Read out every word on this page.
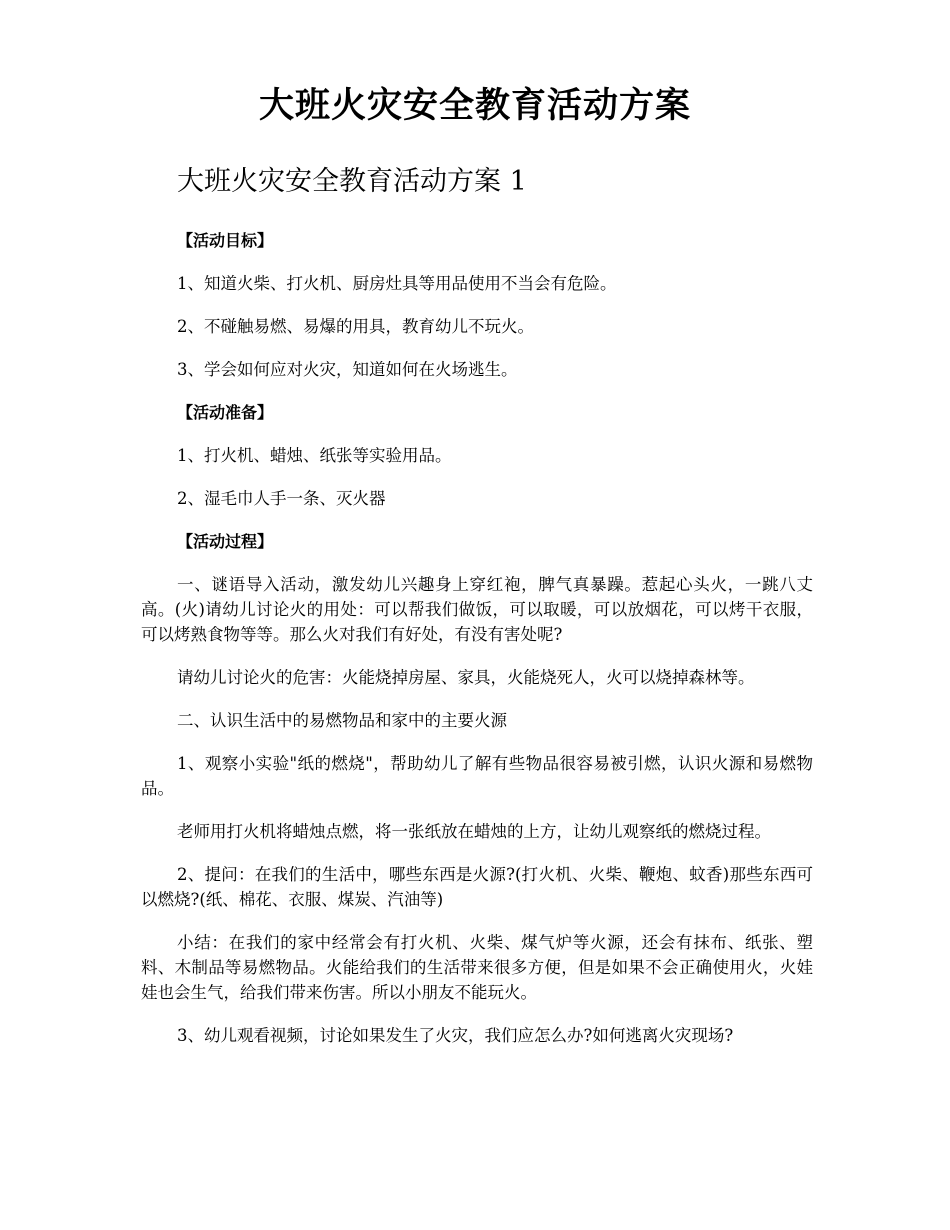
大班火灾安全教育活动方案
大班火灾安全教育活动方案 1

【活动目标】

1、知道火柴、打火机、厨房灶具等用品使用不当会有危险。

2、不碰触易燃、易爆的用具，教育幼儿不玩火。

3、学会如何应对火灾，知道如何在火场逃生。

【活动准备】

1、打火机、蜡烛、纸张等实验用品。

2、湿毛巾人手一条、灭火器

【活动过程】

一、谜语导入活动，激发幼儿兴趣身上穿红袍，脾气真暴躁。惹起心头火，一跳八丈高。(火)请幼儿讨论火的用处：可以帮我们做饭，可以取暖，可以放烟花，可以烤干衣服，可以烤熟食物等等。那么火对我们有好处，有没有害处呢?

请幼儿讨论火的危害：火能烧掉房屋、家具，火能烧死人，火可以烧掉森林等。

二、认识生活中的易燃物品和家中的主要火源

1、观察小实验"纸的燃烧"，帮助幼儿了解有些物品很容易被引燃，认识火源和易燃物品。

老师用打火机将蜡烛点燃，将一张纸放在蜡烛的上方，让幼儿观察纸的燃烧过程。

2、提问：在我们的生活中，哪些东西是火源?(打火机、火柴、鞭炮、蚊香)那些东西可以燃烧?(纸、棉花、衣服、煤炭、汽油等)

小结：在我们的家中经常会有打火机、火柴、煤气炉等火源，还会有抹布、纸张、塑料、木制品等易燃物品。火能给我们的生活带来很多方便，但是如果不会正确使用火，火娃娃也会生气，给我们带来伤害。所以小朋友不能玩火。

3、幼儿观看视频，讨论如果发生了火灾，我们应怎么办?如何逃离火灾现场?
